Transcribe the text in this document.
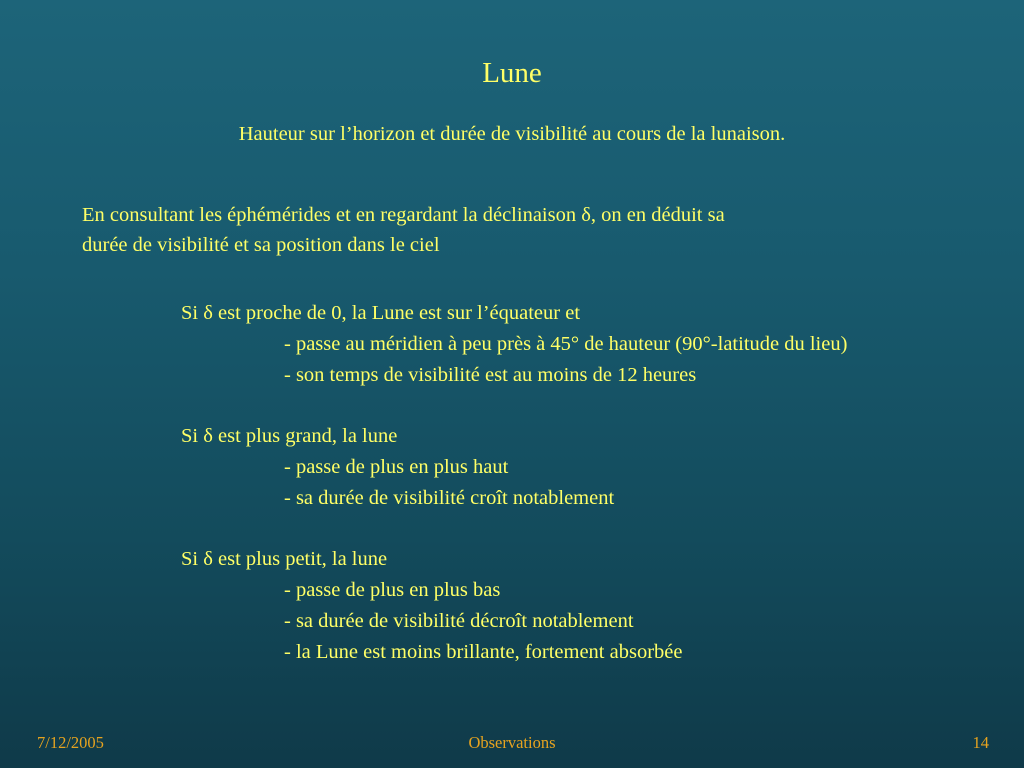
Lune
Hauteur sur l’horizon et durée de visibilité au cours de la lunaison.
En consultant les éphémérides et en regardant la déclinaison δ, on en déduit sa
durée de visibilité et sa position dans le ciel
Si δ est proche de 0, la Lune est sur l’équateur et
- passe au méridien à peu près à 45° de hauteur (90°-latitude du lieu)
- son temps de visibilité est au moins de 12 heures
Si δ est plus grand, la lune
- passe de plus en plus haut
- sa durée de visibilité croît notablement
Si δ est plus petit, la lune
- passe de plus en plus bas
- sa durée de visibilité décroît notablement
- la Lune est moins brillante, fortement absorbée
7/12/2005	Observations	14
